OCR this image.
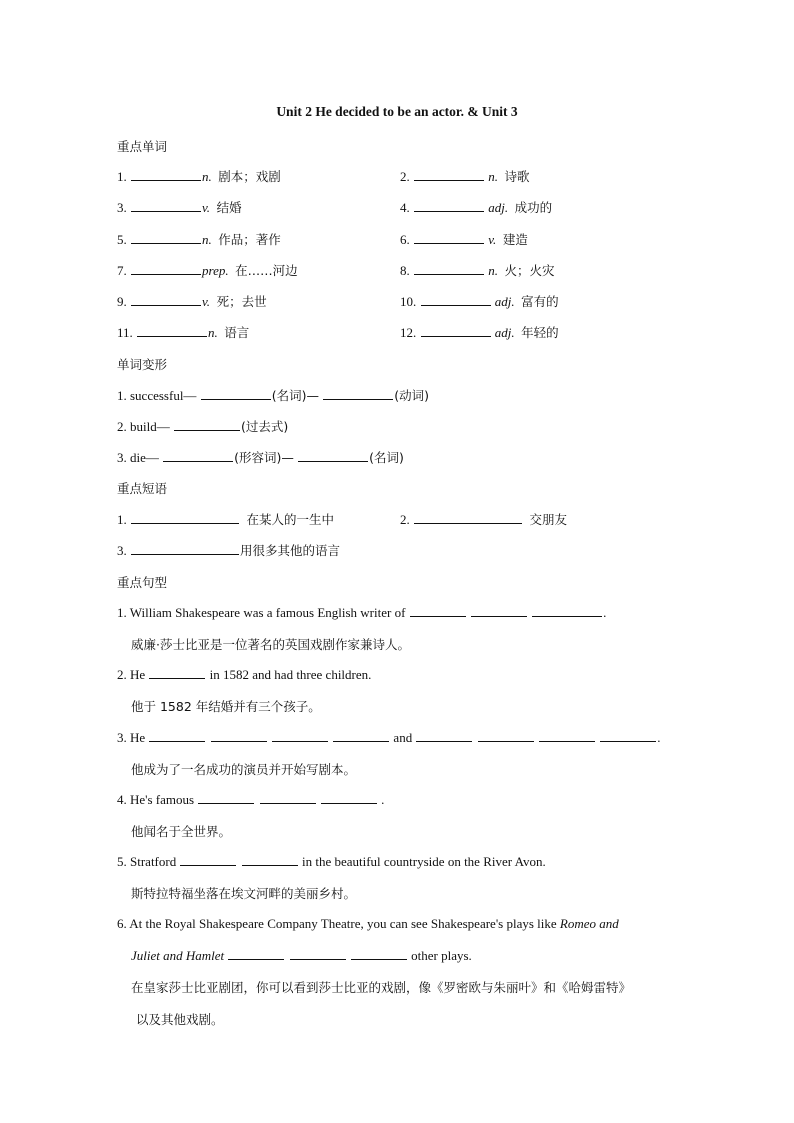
Unit 2 He decided to be an actor. & Unit 3
重点单词
1.	n. 剧本；戏剧	2.	n. 诗歌
3.	v. 结婚	4.	adj. 成功的
5.	n. 作品；著作	6.	v. 建造
7.	prep. 在……河边	8.	n. 火；火灾
9.	v. 死；去世	10.	adj. 富有的
11.	n. 语言	12.	adj. 年轻的
单词变形
1. successful—	(名词)—	(动词)
2. build—	(过去式)
3. die—	(形容词)—	(名词)
重点短语
1.	在某人的一生中	2.	交朋友
3.	用很多其他的语言
重点句型
1. William Shakespeare was a famous English writer of	.
威廉·莎士比亚是一位著名的英国戏剧作家兼诗人。
2. He	in 1582 and had three children.
他于 1582 年结婚并有三个孩子。
3. He	and	.
他成为了一名成功的演员并开始写剧本。
4. He's famous	.
他闻名于全世界。
5. Stratford	in the beautiful countryside on the River Avon.
斯特拉特福坐落在埃文河畔的美丽乡村。
6. At the Royal Shakespeare Company Theatre, you can see Shakespeare's plays like Romeo and
Juliet and Hamlet	other plays.
在皇家莎士比亚剧团，你可以看到莎士比亚的戏剧，像《罗密欧与朱丽叶》和《哈姆雷特》
以及其他戏剧。
